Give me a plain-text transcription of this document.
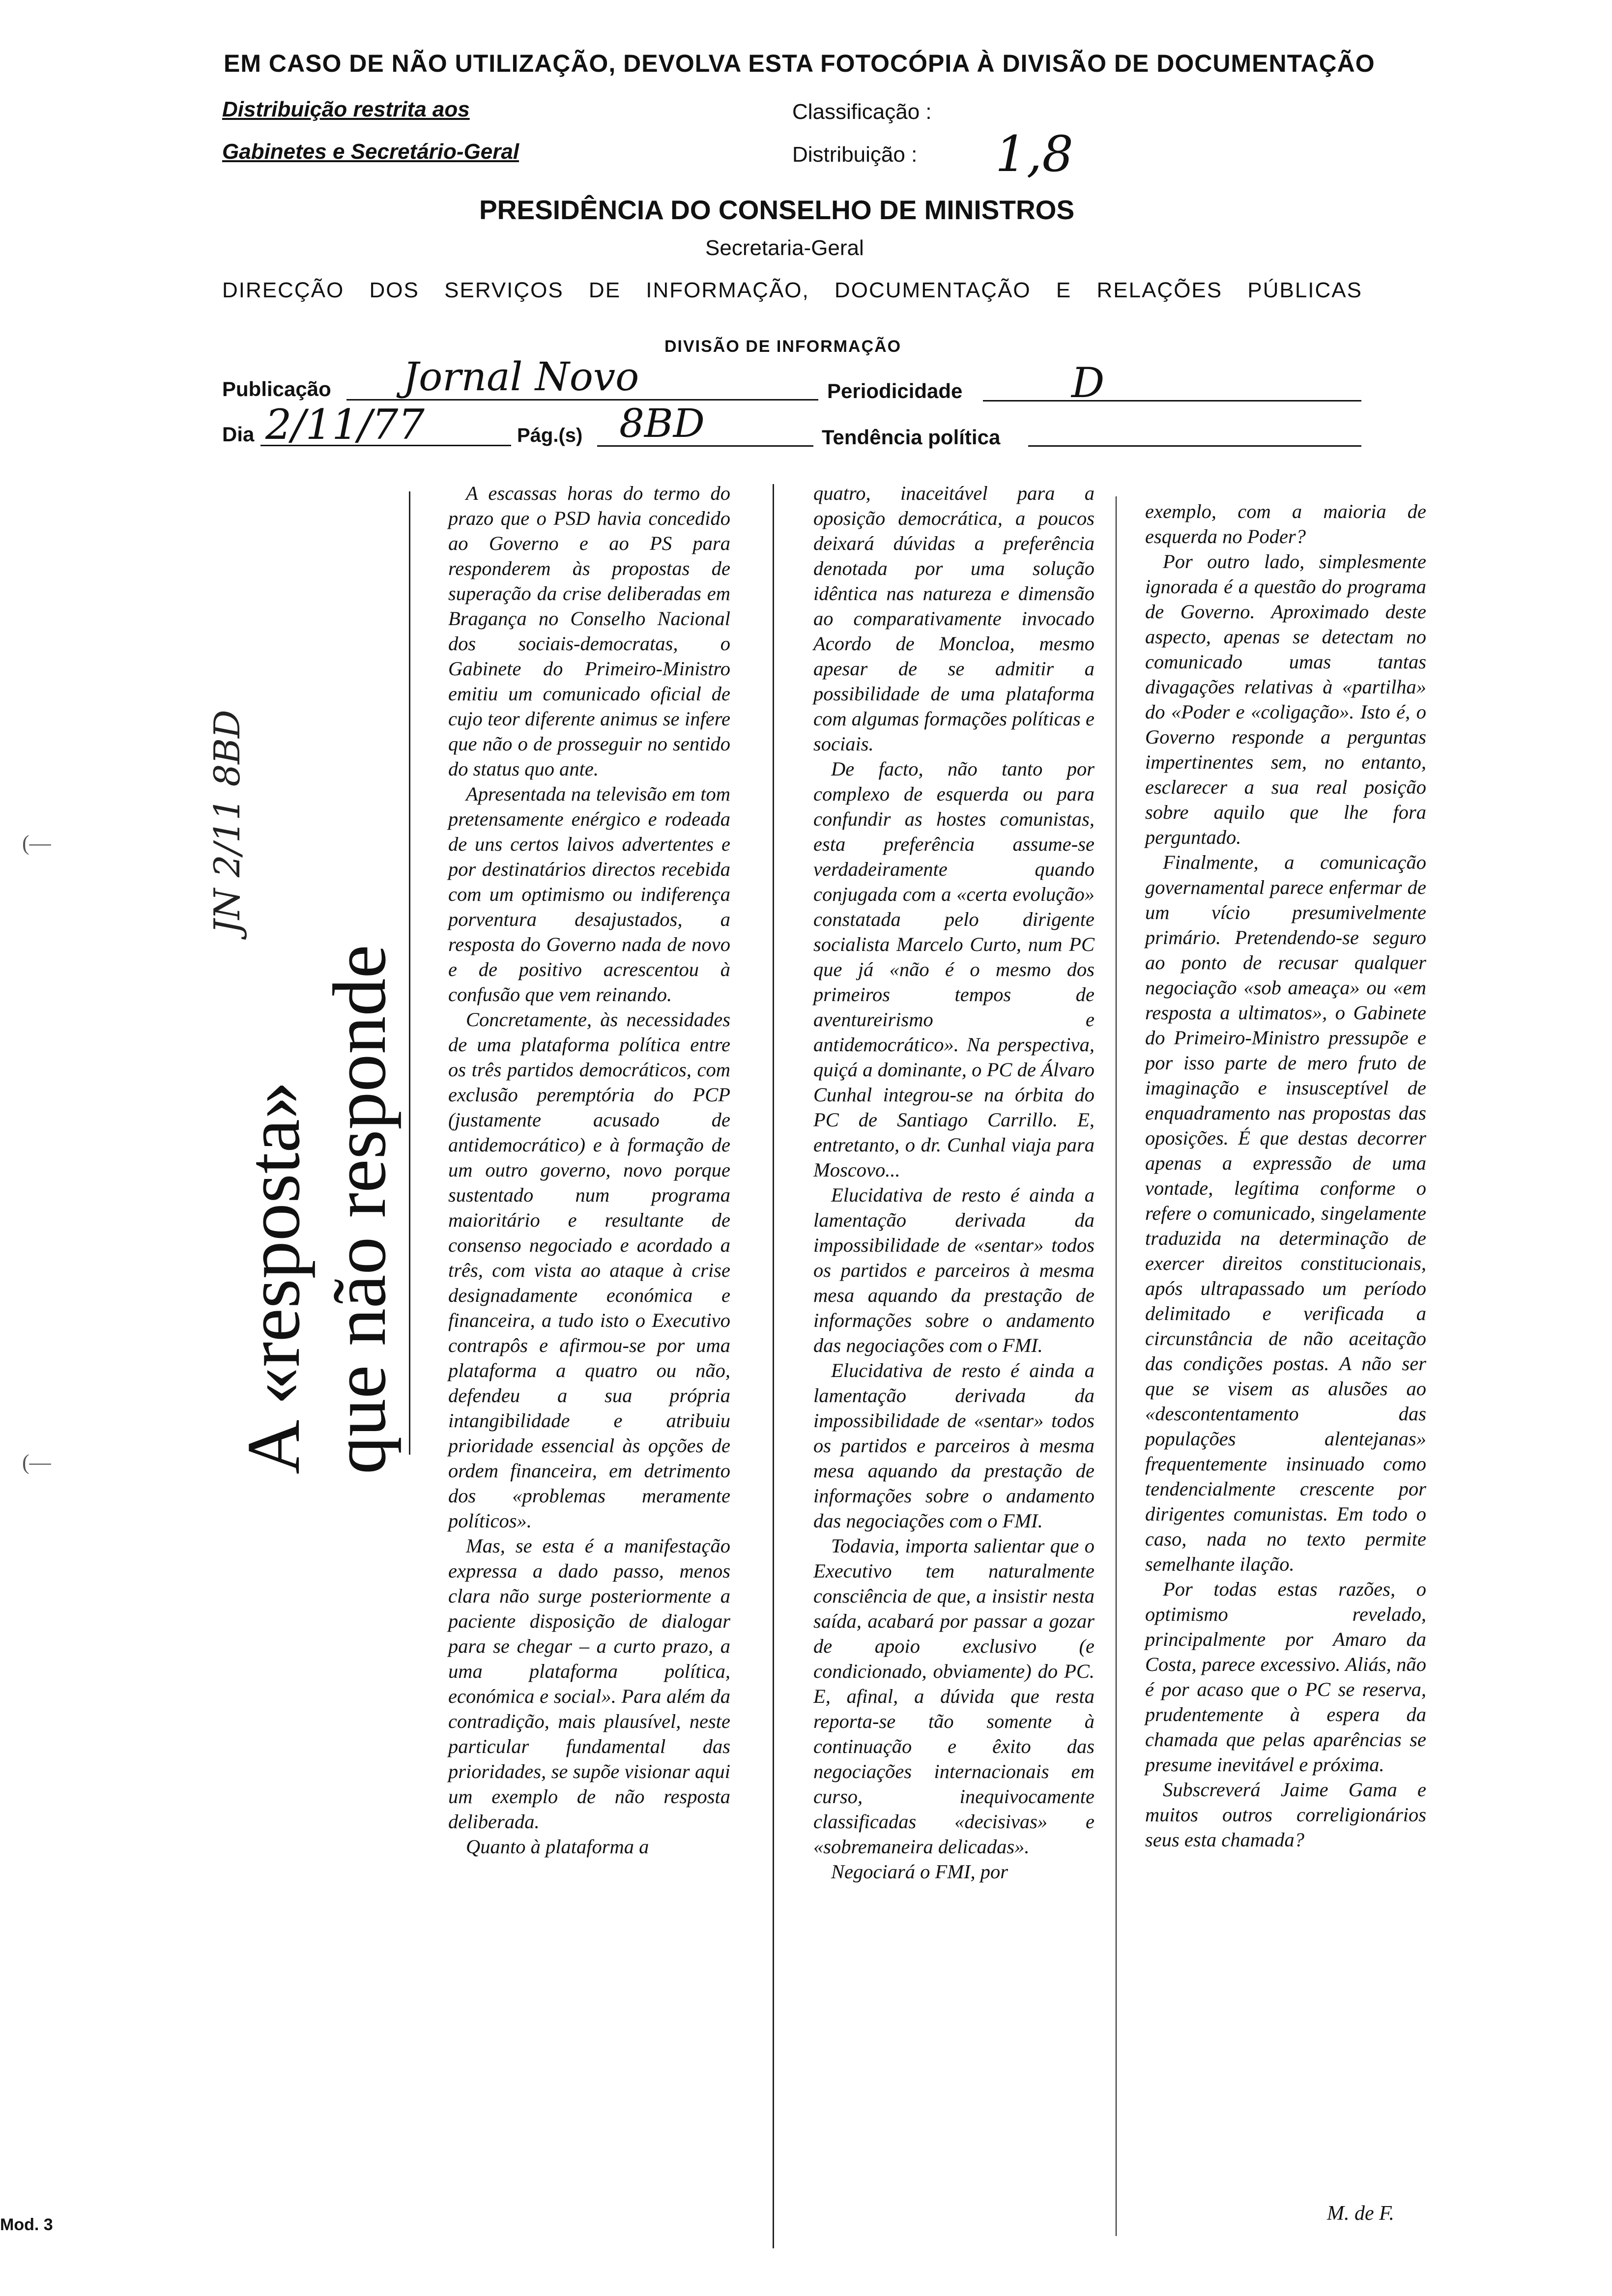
EM CASO DE NÃO UTILIZAÇÃO, DEVOLVA ESTA FOTOCÓPIA À DIVISÃO DE DOCUMENTAÇÃO
Distribuição restrita aos
Gabinetes e Secretário-Geral
Classificação :
Distribuição : 1,8
PRESIDÊNCIA DO CONSELHO DE MINISTROS
Secretaria-Geral
DIRECÇÃO DOS SERVIÇOS DE INFORMAÇÃO, DOCUMENTAÇÃO E RELAÇÕES PÚBLICAS
DIVISÃO DE INFORMAÇÃO
Publicação Jornal Novo	Periodicidade	D
Dia 2/11/77	Pág.(s) 8BD	Tendência política
A «resposta» que não responde
JN 2/11 8BD

A escassas horas do termo do prazo que o PSD havia concedido ao Governo e ao PS para responderem às propostas de superação da crise deliberadas em Bragança no Conselho Nacional dos sociais-democratas, o Gabinete do Primeiro-Ministro emitiu um comunicado oficial de cujo teor diferente animus se infere que não o de prosseguir no sentido do status quo ante.

Apresentada na televisão em tom pretensamente enérgico e rodeada de uns certos laivos advertentes e por destinatários directos recebida com um optimismo ou indiferença porventura desajustados, a resposta do Governo nada de novo e de positivo acrescentou à confusão que vem reinando.

Concretamente, às necessidades de uma plataforma política entre os três partidos democráticos, com exclusão peremptória do PCP (justamente acusado de antidemocrático) e à formação de um outro governo, novo porque sustentado num programa maioritário e resultante de consenso negociado e acordado a três, com vista ao ataque à crise designadamente económica e financeira, a tudo isto o Executivo contrapôs e afirmou-se por uma plataforma a quatro ou não, defendeu a sua própria intangibilidade e atribuiu prioridade essencial às opções de ordem financeira, em detrimento dos «problemas meramente políticos».

Mas, se esta é a manifestação expressa a dado passo, menos clara não surge posteriormente a paciente disposição de dialogar para se chegar – a curto prazo, a uma plataforma política, económica e social». Para além da contradição, mais plausível, neste particular fundamental das prioridades, se supõe visionar aqui um exemplo de não resposta deliberada.

Quanto à plataforma a

quatro, inaceitável para a oposição democrática, a poucos deixará dúvidas a preferência denotada por uma solução idêntica nas natureza e dimensão ao comparativamente invocado Acordo de Moncloa, mesmo apesar de se admitir a possibilidade de uma plataforma com algumas formações políticas e sociais.

De facto, não tanto por complexo de esquerda ou para confundir as hostes comunistas, esta preferência assume-se verdadeiramente quando conjugada com a «certa evolução» constatada pelo dirigente socialista Marcelo Curto, num PC que já «não é o mesmo dos primeiros tempos de aventureirismo e antidemocrático». Na perspectiva, quiçá a dominante, o PC de Álvaro Cunhal integrou-se na órbita do PC de Santiago Carrillo. E, entretanto, o dr. Cunhal viaja para Moscovo...

Elucidativa de resto é ainda a lamentação derivada da impossibilidade de «sentar» todos os partidos e parceiros à mesma mesa aquando da prestação de informações sobre o andamento das negociações com o FMI.

Elucidativa de resto é ainda a lamentação derivada da impossibilidade de «sentar» todos os partidos e parceiros à mesma mesa aquando da prestação de informações sobre o andamento das negociações com o FMI.

Todavia, importa salientar que o Executivo tem naturalmente consciência de que, a insistir nesta saída, acabará por passar a gozar de apoio exclusivo (e condicionado, obviamente) do PC. E, afinal, a dúvida que resta reporta-se tão somente à continuação e êxito das negociações internacionais em curso, inequivocamente classificadas «decisivas» e «sobremaneira delicadas».

Negociará o FMI, por

exemplo, com a maioria de esquerda no Poder?

Por outro lado, simplesmente ignorada é a questão do programa de Governo. Aproximado deste aspecto, apenas se detectam no comunicado umas tantas divagações relativas à «partilha» do «Poder e «coligação». Isto é, o Governo responde a perguntas impertinentes sem, no entanto, esclarecer a sua real posição sobre aquilo que lhe fora perguntado.

Finalmente, a comunicação governamental parece enfermar de um vício presumivelmente primário. Pretendendo-se seguro ao ponto de recusar qualquer negociação «sob ameaça» ou «em resposta a ultimatos», o Gabinete do Primeiro-Ministro pressupõe e por isso parte de mero fruto de imaginação e insusceptível de enquadramento nas propostas das oposições. É que destas decorrer apenas a expressão de uma vontade, legítima conforme o refere o comunicado, singelamente traduzida na determinação de exercer direitos constitucionais, após ultrapassado um período delimitado e verificada a circunstância de não aceitação das condições postas. A não ser que se visem as alusões ao «descontentamento das populações alentejanas» frequentemente insinuado como tendencialmente crescente por dirigentes comunistas. Em todo o caso, nada no texto permite semelhante ilação.

Por todas estas razões, o optimismo revelado, principalmente por Amaro da Costa, parece excessivo. Aliás, não é por acaso que o PC se reserva, prudentemente à espera da chamada que pelas aparências se presume inevitável e próxima.

Subscreverá Jaime Gama e muitos outros correligionários seus esta chamada?

M. de F.
(—
(—
Mod. 3
